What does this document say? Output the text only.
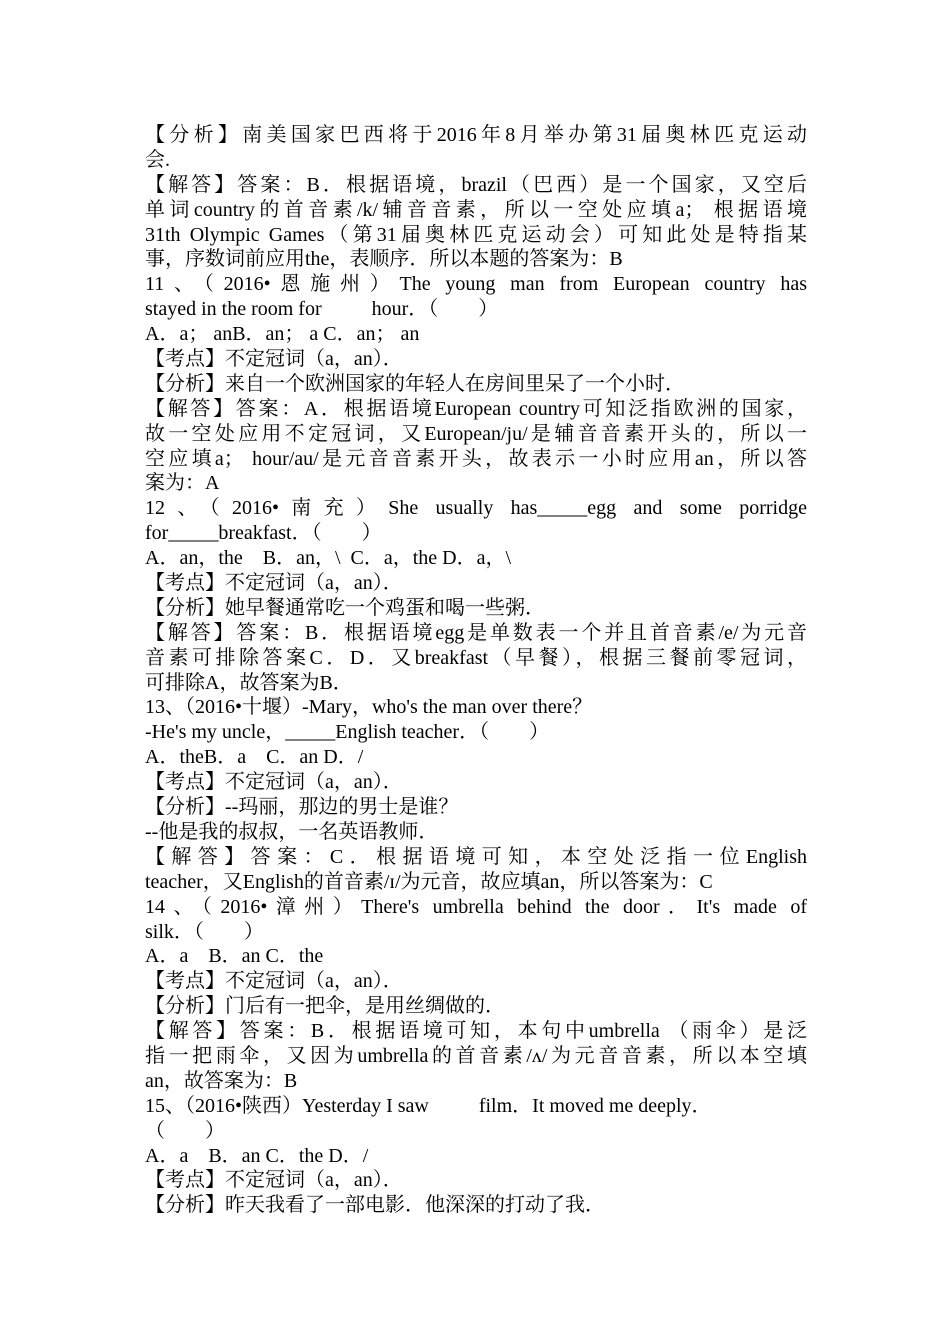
【分析】南美国家巴西将于2016年8月举办第31届奥林匹克运动
会.
【解答】答案：B．根据语境，brazil（巴西）是一个国家，又空后
单词country的首音素/k/辅音音素，所以一空处应填a； 根据语境
31th Olympic Games（第31届奥林匹克运动会）可知此处是特指某
事，序数词前应用the，表顺序．所以本题的答案为：B
11、（2016•恩施州）The young man from European country has
stayed in the room for          hour．（        ）
A．a； anB．an； a C．an； an
【考点】不定冠词（a，an）．
【分析】来自一个欧洲国家的年轻人在房间里呆了一个小时．
【解答】答案：A．根据语境European country可知泛指欧洲的国家，
故一空处应用不定冠词，又European/ju/是辅音音素开头的，所以一
空应填a； hour/au/是元音音素开头，故表示一小时应用an，所以答
案为：A
12、（2016•南充）She usually has_____egg and some porridge
for_____breakfast．（        ）
A．an，the    B．an，\  C．a，the D．a，\
【考点】不定冠词（a，an）．
【分析】她早餐通常吃一个鸡蛋和喝一些粥．
【解答】答案：B．根据语境egg是单数表一个并且首音素/e/为元音
音素可排除答案C．D．又breakfast（早餐），根据三餐前零冠词，
可排除A，故答案为B．
13、（2016•十堰）-Mary，who's the man over there？
-He's my uncle，_____English teacher．（        ）
A．theB．a    C．an D．/
【考点】不定冠词（a，an）．
【分析】--玛丽，那边的男士是谁？
--他是我的叔叔，一名英语教师．
【解答】答案：C．根据语境可知，本空处泛指一位English
teacher，又English的首音素/ɪ/为元音，故应填an，所以答案为：C
14、（2016•漳州）There's umbrella behind the door．It's made of
silk．（        ）
A．a    B．an C．the
【考点】不定冠词（a，an）．
【分析】门后有一把伞，是用丝绸做的．
【解答】答案：B．根据语境可知，本句中umbrella （雨伞）是泛
指一把雨伞，又因为umbrella的首音素/ʌ/为元音音素，所以本空填
an，故答案为：B
15、（2016•陕西）Yesterday I saw          film．It moved me deeply．
（        ）
A．a    B．an C．the D．/
【考点】不定冠词（a，an）．
【分析】昨天我看了一部电影．他深深的打动了我．
